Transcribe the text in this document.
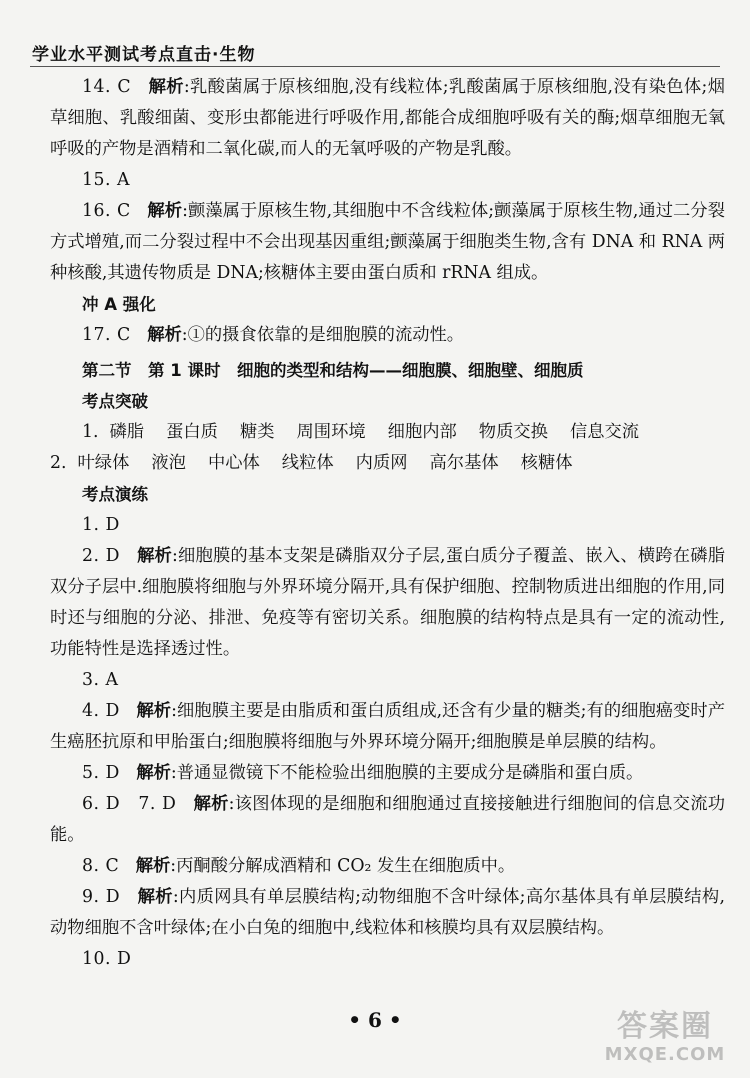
学业水平测试考点直击·生物

14. C 解析:乳酸菌属于原核细胞,没有线粒体;乳酸菌属于原核细胞,没有染色体;烟草细胞、乳酸细菌、变形虫都能进行呼吸作用,都能合成细胞呼吸有关的酶;烟草细胞无氧呼吸的产物是酒精和二氧化碳,而人的无氧呼吸的产物是乳酸。

15. A

16. C 解析:颤藻属于原核生物,其细胞中不含线粒体;颤藻属于原核生物,通过二分裂方式增殖,而二分裂过程中不会出现基因重组;颤藻属于细胞类生物,含有 DNA 和 RNA 两种核酸,其遗传物质是 DNA;核糖体主要由蛋白质和 rRNA 组成。

冲 A 强化

17. C 解析:①的摄食依靠的是细胞膜的流动性。

第二节　第 1 课时　细胞的类型和结构——细胞膜、细胞壁、细胞质

考点突破

1. 磷脂 蛋白质 糖类 周围环境 细胞内部 物质交换 信息交流

2. 叶绿体 液泡 中心体 线粒体 内质网 高尔基体 核糖体

考点演练

1. D

2. D 解析:细胞膜的基本支架是磷脂双分子层,蛋白质分子覆盖、嵌入、横跨在磷脂双分子层中.细胞膜将细胞与外界环境分隔开,具有保护细胞、控制物质进出细胞的作用,同时还与细胞的分泌、排泄、免疫等有密切关系。细胞膜的结构特点是具有一定的流动性,功能特性是选择透过性。

3. A

4. D 解析:细胞膜主要是由脂质和蛋白质组成,还含有少量的糖类;有的细胞癌变时产生癌胚抗原和甲胎蛋白;细胞膜将细胞与外界环境分隔开;细胞膜是单层膜的结构。

5. D 解析:普通显微镜下不能检验出细胞膜的主要成分是磷脂和蛋白质。

6. D　7. D 解析:该图体现的是细胞和细胞通过直接接触进行细胞间的信息交流功能。

8. C 解析:丙酮酸分解成酒精和 CO₂ 发生在细胞质中。

9. D 解析:内质网具有单层膜结构;动物细胞不含叶绿体;高尔基体具有单层膜结构,动物细胞不含叶绿体;在小白兔的细胞中,线粒体和核膜均具有双层膜结构。

10. D

• 6 •	答案圈
MXQE.COM
